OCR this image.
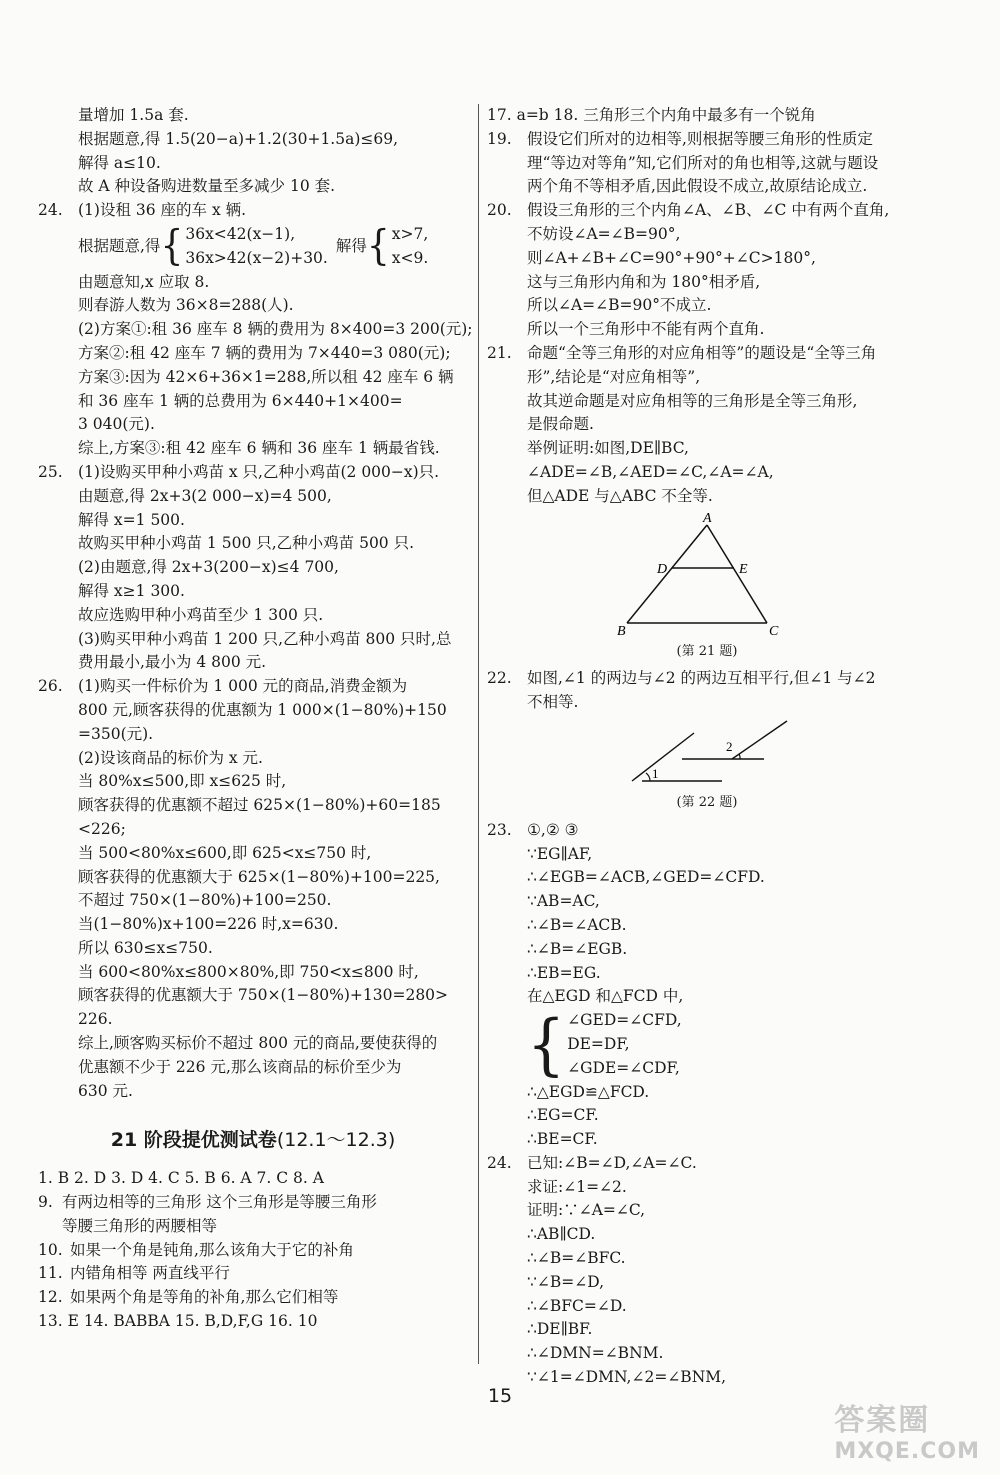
量增加 1.5a 套.
根据题意,得 1.5(20−a)+1.2(30+1.5a)≤69,
解得 a≤10.
故 A 种设备购进数量至多减少 10 套.
24. (1)设租 36 座的车 x 辆.
根据题意,得 { 36x<42(x−1),
36x>42(x−2)+30.
解得 { x>7,
x<9.
由题意知,x 应取 8.
则春游人数为 36×8=288(人).
(2)方案①:租 36 座车 8 辆的费用为 8×400=3 200(元);
方案②:租 42 座车 7 辆的费用为 7×440=3 080(元);
方案③:因为 42×6+36×1=288,所以租 42 座车 6 辆
和 36 座车 1 辆的总费用为 6×440+1×400=
3 040(元).
综上,方案③:租 42 座车 6 辆和 36 座车 1 辆最省钱.
25. (1)设购买甲种小鸡苗 x 只,乙种小鸡苗(2 000−x)只.
由题意,得 2x+3(2 000−x)=4 500,
解得 x=1 500.
故购买甲种小鸡苗 1 500 只,乙种小鸡苗 500 只.
(2)由题意,得 2x+3(200−x)≤4 700,
解得 x≥1 300.
故应选购甲种小鸡苗至少 1 300 只.
(3)购买甲种小鸡苗 1 200 只,乙种小鸡苗 800 只时,总
费用最小,最小为 4 800 元.
26. (1)购买一件标价为 1 000 元的商品,消费金额为
800 元,顾客获得的优惠额为 1 000×(1−80%)+150
=350(元).
(2)设该商品的标价为 x 元.
当 80%x≤500,即 x≤625 时,
顾客获得的优惠额不超过 625×(1−80%)+60=185
<226;
当 500<80%x≤600,即 625<x≤750 时,
顾客获得的优惠额大于 625×(1−80%)+100=225,
不超过 750×(1−80%)+100=250.
当(1−80%)x+100=226 时,x=630.
所以 630≤x≤750.
当 600<80%x≤800×80%,即 750<x≤800 时,
顾客获得的优惠额大于 750×(1−80%)+130=280>
226.
综上,顾客购买标价不超过 800 元的商品,要使获得的
优惠额不少于 226 元,那么该商品的标价至少为
630 元.
21 阶段提优测试卷(12.1～12.3)
1. B 2. D 3. D 4. C 5. B 6. A 7. C 8. A
9. 有两边相等的三角形 这个三角形是等腰三角形
等腰三角形的两腰相等
10. 如果一个角是钝角,那么该角大于它的补角
11. 内错角相等 两直线平行
12. 如果两个角是等角的补角,那么它们相等
13. E 14. BABBA 15. B,D,F,G 16. 10
17. a=b 18. 三角形三个内角中最多有一个锐角
19. 假设它们所对的边相等,则根据等腰三角形的性质定
理“等边对等角”知,它们所对的角也相等,这就与题设
两个角不等相矛盾,因此假设不成立,故原结论成立.
20. 假设三角形的三个内角∠A、∠B、∠C 中有两个直角,
不妨设∠A=∠B=90°,
则∠A+∠B+∠C=90°+90°+∠C>180°,
这与三角形内角和为 180°相矛盾,
所以∠A=∠B=90°不成立.
所以一个三角形中不能有两个直角.
21. 命题“全等三角形的对应角相等”的题设是“全等三角
形”,结论是“对应角相等”,
故其逆命题是对应角相等的三角形是全等三角形,
是假命题.
举例证明:如图,DE∥BC,
∠ADE=∠B,∠AED=∠C,∠A=∠A,
但△ADE 与△ABC 不全等.
A
B	C
D	E
(第 21 题)
22. 如图,∠1 的两边与∠2 的两边互相平行,但∠1 与∠2
不相等.
1
2
(第 22 题)
23. ①,② ③
∵EG∥AF,
∴∠EGB=∠ACB,∠GED=∠CFD.
∵AB=AC,
∴∠B=∠ACB.
∴∠B=∠EGB.
∴EB=EG.
在△EGD 和△FCD 中,
{ ∠GED=∠CFD,
DE=DF,
∠GDE=∠CDF,
∴△EGD≌△FCD.
∴EG=CF.
∴BE=CF.
24. 已知:∠B=∠D,∠A=∠C.
求证:∠1=∠2.
证明:∵∠A=∠C,
∴AB∥CD.
∴∠B=∠BFC.
∵∠B=∠D,
∴∠BFC=∠D.
∴DE∥BF.
∴∠DMN=∠BNM.
∵∠1=∠DMN,∠2=∠BNM,
15
答案圈
MXQE.COM
